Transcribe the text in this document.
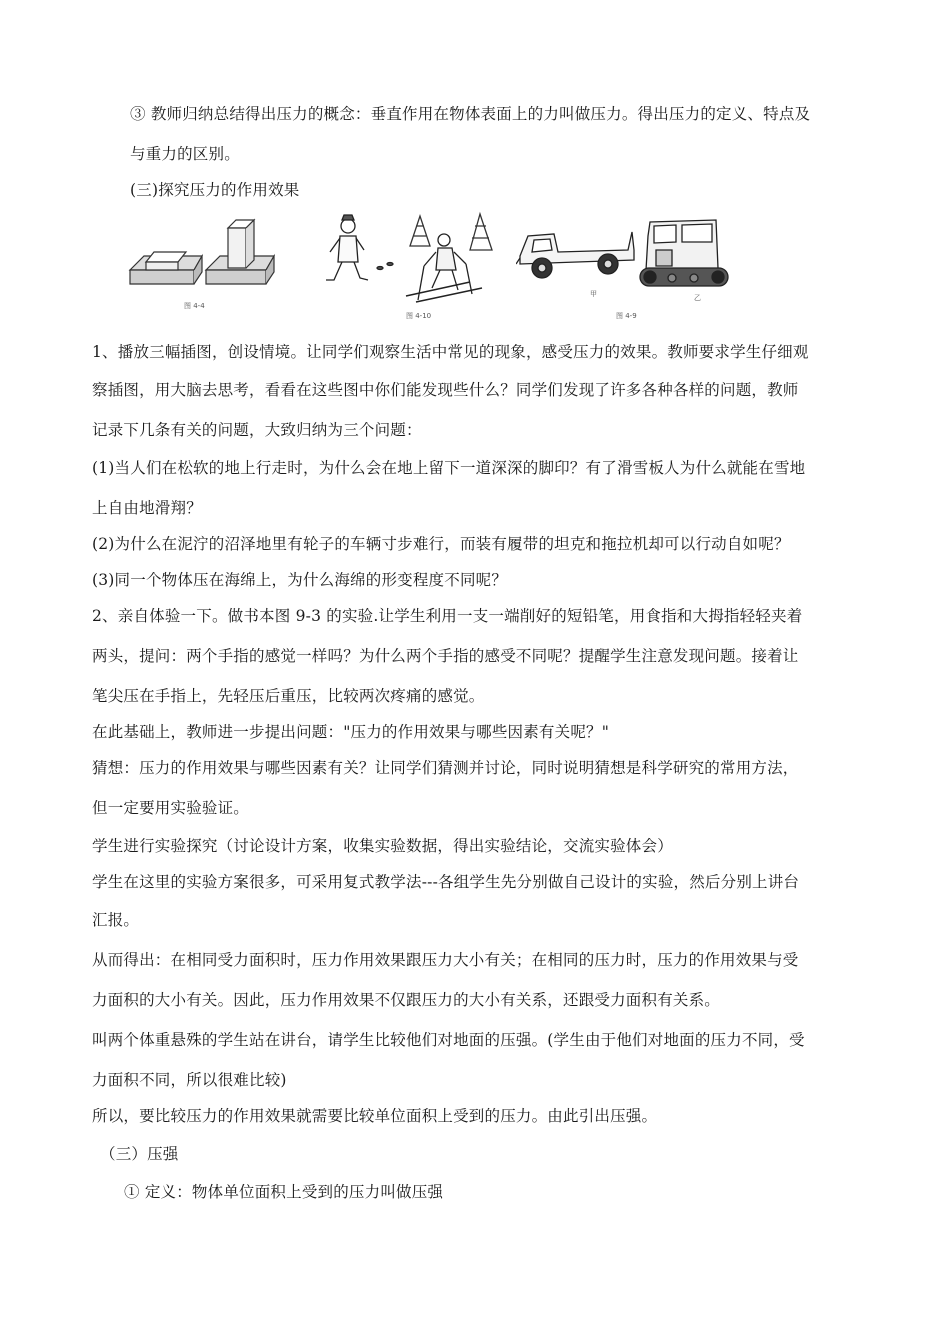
③ 教师归纳总结得出压力的概念：垂直作用在物体表面上的力叫做压力。得出压力的定义、特点及
与重力的区别。
(三)探究压力的作用效果
图 4-4
图 4-10
甲	乙
图 4-9
1、播放三幅插图，创设情境。让同学们观察生活中常见的现象，感受压力的效果。教师要求学生仔细观
察插图，用大脑去思考，看看在这些图中你们能发现些什么？同学们发现了许多各种各样的问题，教师
记录下几条有关的问题，大致归纳为三个问题：
(1)当人们在松软的地上行走时，为什么会在地上留下一道深深的脚印？有了滑雪板人为什么就能在雪地
上自由地滑翔？
(2)为什么在泥泞的沼泽地里有轮子的车辆寸步难行，而装有履带的坦克和拖拉机却可以行动自如呢？
(3)同一个物体压在海绵上，为什么海绵的形变程度不同呢？
2、亲自体验一下。做书本图 9-3 的实验.让学生利用一支一端削好的短铅笔，用食指和大拇指轻轻夹着
两头，提问：两个手指的感觉一样吗？为什么两个手指的感受不同呢？提醒学生注意发现问题。接着让
笔尖压在手指上，先轻压后重压，比较两次疼痛的感觉。
在此基础上，教师进一步提出问题："压力的作用效果与哪些因素有关呢？"
猜想：压力的作用效果与哪些因素有关？让同学们猜测并讨论，同时说明猜想是科学研究的常用方法，
但一定要用实验验证。
学生进行实验探究（讨论设计方案，收集实验数据，得出实验结论，交流实验体会）
学生在这里的实验方案很多，可采用复式教学法---各组学生先分别做自己设计的实验，然后分别上讲台
汇报。
从而得出：在相同受力面积时，压力作用效果跟压力大小有关；在相同的压力时，压力的作用效果与受
力面积的大小有关。因此，压力作用效果不仅跟压力的大小有关系，还跟受力面积有关系。
叫两个体重悬殊的学生站在讲台，请学生比较他们对地面的压强。(学生由于他们对地面的压力不同，受
力面积不同，所以很难比较)
所以，要比较压力的作用效果就需要比较单位面积上受到的压力。由此引出压强。
（三）压强
① 定义：物体单位面积上受到的压力叫做压强
